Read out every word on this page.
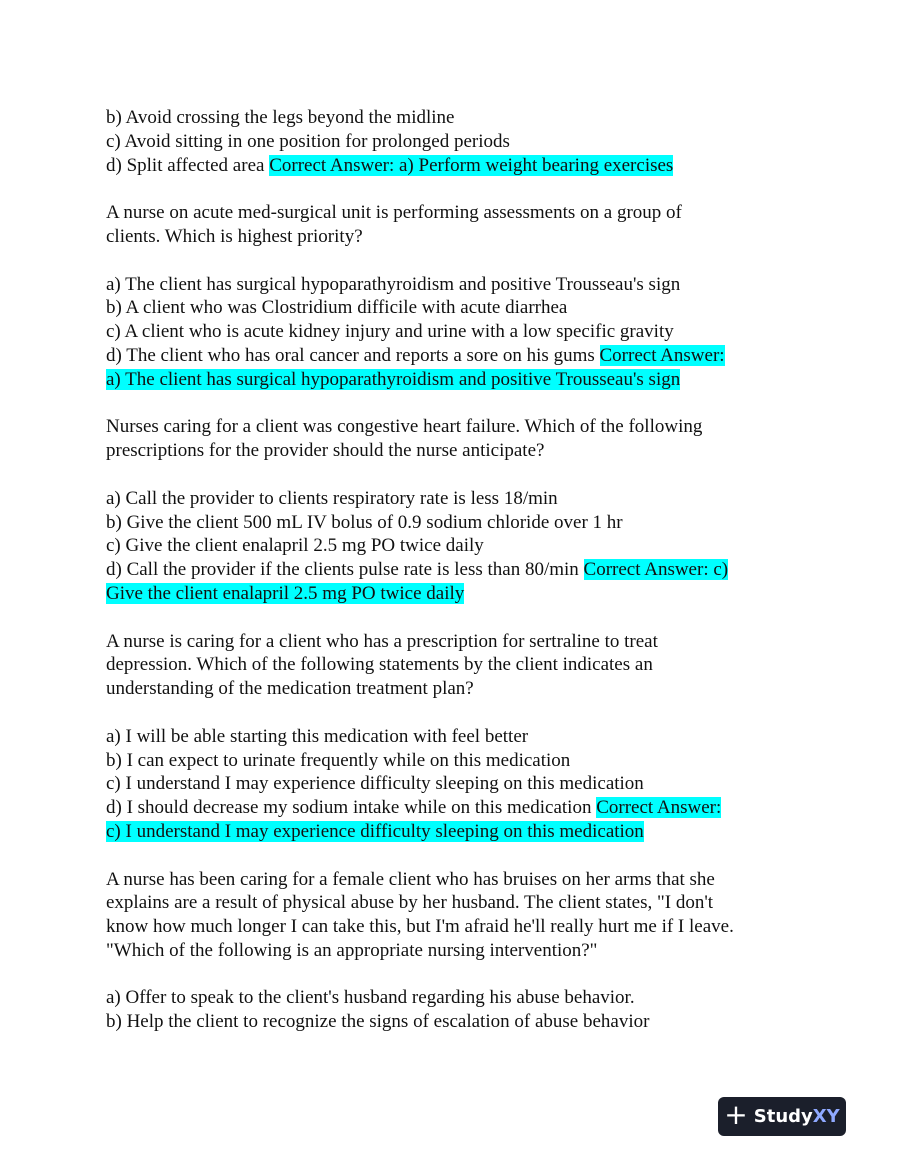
b) Avoid crossing the legs beyond the midline
c) Avoid sitting in one position for prolonged periods
d) Split affected area Correct Answer: a) Perform weight bearing exercises
A nurse on acute med-surgical unit is performing assessments on a group of
clients. Which is highest priority?
a) The client has surgical hypoparathyroidism and positive Trousseau's sign
b) A client who was Clostridium difficile with acute diarrhea
c) A client who is acute kidney injury and urine with a low specific gravity
d) The client who has oral cancer and reports a sore on his gums Correct Answer:
a) The client has surgical hypoparathyroidism and positive Trousseau's sign
Nurses caring for a client was congestive heart failure. Which of the following
prescriptions for the provider should the nurse anticipate?
a) Call the provider to clients respiratory rate is less 18/min
b) Give the client 500 mL IV bolus of 0.9 sodium chloride over 1 hr
c) Give the client enalapril 2.5 mg PO twice daily
d) Call the provider if the clients pulse rate is less than 80/min Correct Answer: c)
Give the client enalapril 2.5 mg PO twice daily
A nurse is caring for a client who has a prescription for sertraline to treat
depression. Which of the following statements by the client indicates an
understanding of the medication treatment plan?
a) I will be able starting this medication with feel better
b) I can expect to urinate frequently while on this medication
c) I understand I may experience difficulty sleeping on this medication
d) I should decrease my sodium intake while on this medication Correct Answer:
c) I understand I may experience difficulty sleeping on this medication
A nurse has been caring for a female client who has bruises on her arms that she
explains are a result of physical abuse by her husband. The client states, "I don't
know how much longer I can take this, but I'm afraid he'll really hurt me if I leave.
"Which of the following is an appropriate nursing intervention?"
a) Offer to speak to the client's husband regarding his abuse behavior.
b) Help the client to recognize the signs of escalation of abuse behavior
+ StudyXY
